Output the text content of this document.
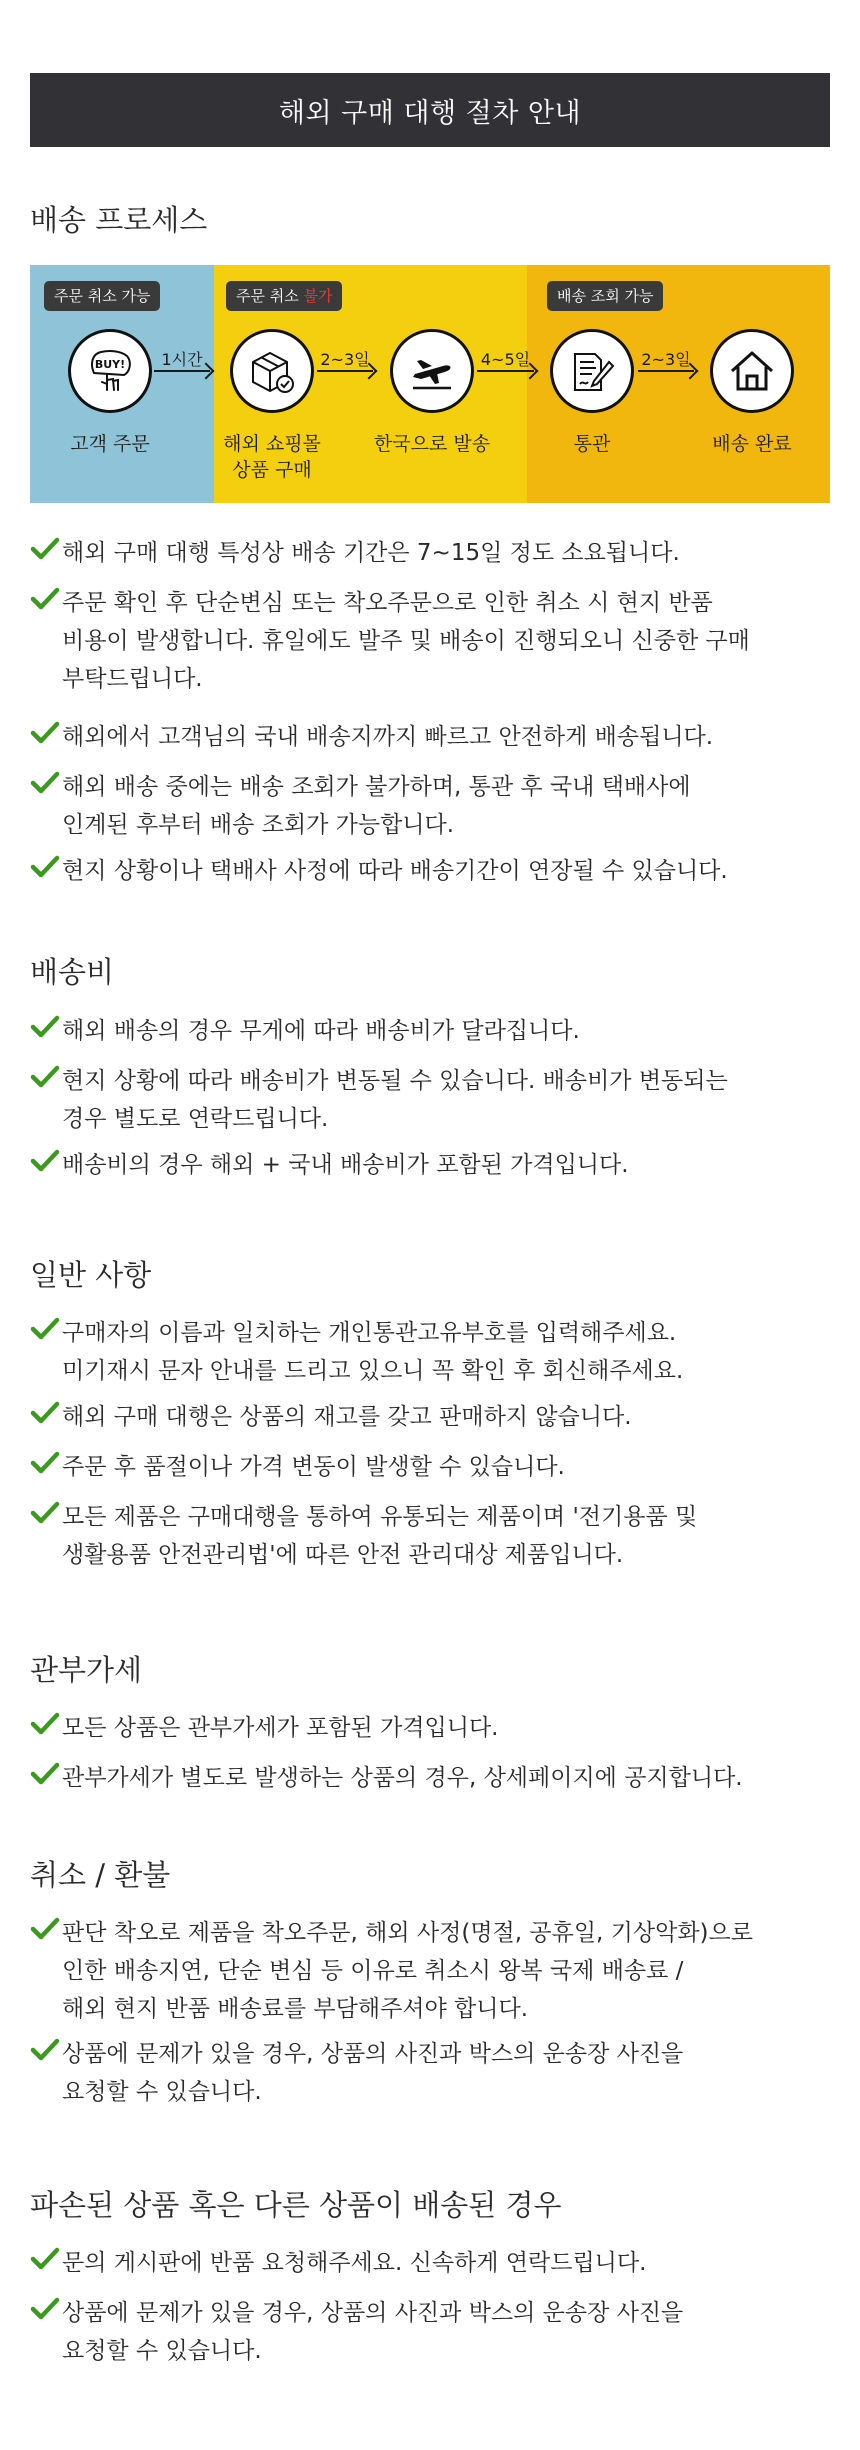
해외 구매 대행 절차 안내
배송 프로세스
주문 취소 가능	주문 취소 불가	배송 조회 가능
BUY!	1시간	2~3일	4~5일	2~3일
고객 주문	해외 쇼핑몰
상품 구매
한국으로 발송	통관	배송 완료
배송비
일반 사항
관부가세
취소 / 환불
파손된 상품 혹은 다른 상품이 배송된 경우
해외 구매 대행 특성상 배송 기간은 7~15일 정도 소요됩니다.
주문 확인 후 단순변심 또는 착오주문으로 인한 취소 시 현지 반품
비용이 발생합니다. 휴일에도 발주 및 배송이 진행되오니 신중한 구매
부탁드립니다.
해외에서 고객님의 국내 배송지까지 빠르고 안전하게 배송됩니다.
해외 배송 중에는 배송 조회가 불가하며, 통관 후 국내 택배사에
인계된 후부터 배송 조회가 가능합니다.
현지 상황이나 택배사 사정에 따라 배송기간이 연장될 수 있습니다.
해외 배송의 경우 무게에 따라 배송비가 달라집니다.
현지 상황에 따라 배송비가 변동될 수 있습니다. 배송비가 변동되는
경우 별도로 연락드립니다.
배송비의 경우 해외 + 국내 배송비가 포함된 가격입니다.
구매자의 이름과 일치하는 개인통관고유부호를 입력해주세요.
미기재시 문자 안내를 드리고 있으니 꼭 확인 후 회신해주세요.
해외 구매 대행은 상품의 재고를 갖고 판매하지 않습니다.
주문 후 품절이나 가격 변동이 발생할 수 있습니다.
모든 제품은 구매대행을 통하여 유통되는 제품이며 '전기용품 및
생활용품 안전관리법'에 따른 안전 관리대상 제품입니다.
모든 상품은 관부가세가 포함된 가격입니다.
관부가세가 별도로 발생하는 상품의 경우, 상세페이지에 공지합니다.
판단 착오로 제품을 착오주문, 해외 사정(명절, 공휴일, 기상악화)으로
인한 배송지연, 단순 변심 등 이유로 취소시 왕복 국제 배송료 /
해외 현지 반품 배송료를 부담해주셔야 합니다.
상품에 문제가 있을 경우, 상품의 사진과 박스의 운송장 사진을
요청할 수 있습니다.
문의 게시판에 반품 요청해주세요. 신속하게 연락드립니다.
상품에 문제가 있을 경우, 상품의 사진과 박스의 운송장 사진을
요청할 수 있습니다.
